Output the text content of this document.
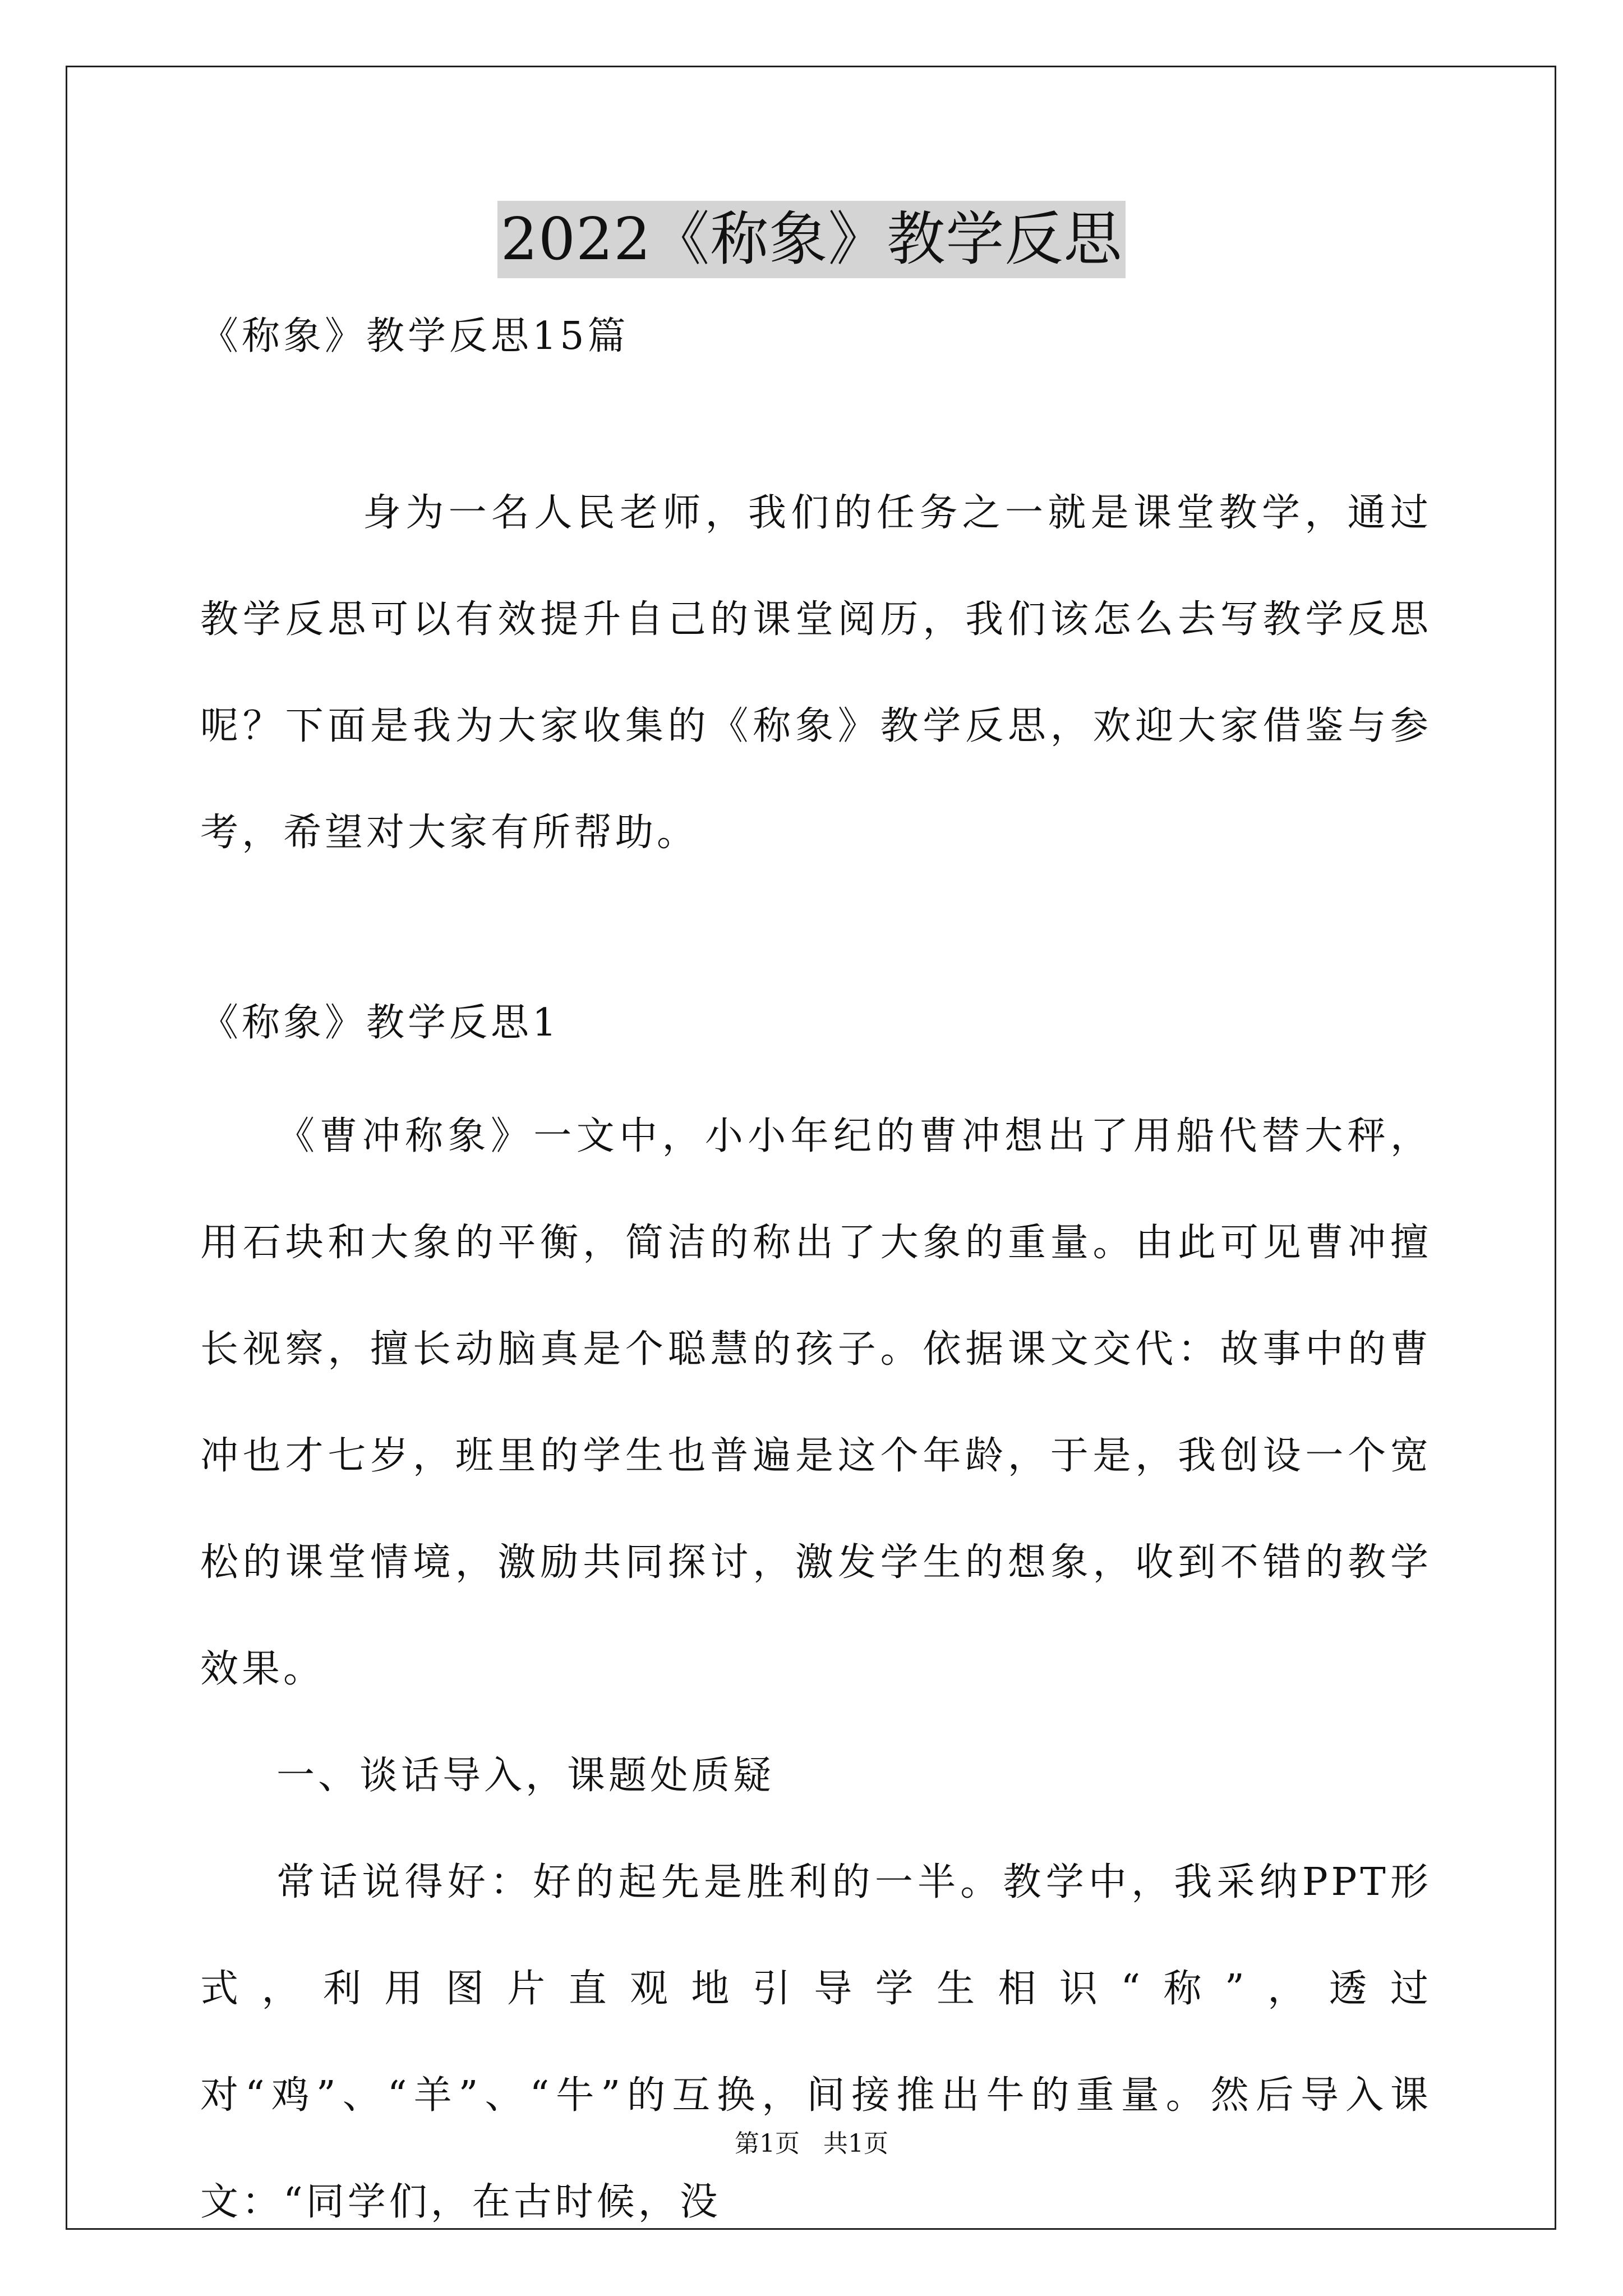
2022《称象》教学反思

《称象》教学反思15篇

身为一名人民老师，我们的任务之一就是课堂教学，通过教学反思可以有效提升自己的课堂阅历，我们该怎么去写教学反思呢？下面是我为大家收集的《称象》教学反思，欢迎大家借鉴与参考，希望对大家有所帮助。

《称象》教学反思1

《曹冲称象》一文中，小小年纪的曹冲想出了用船代替大秤，用石块和大象的平衡，简洁的称出了大象的重量。由此可见曹冲擅长视察，擅长动脑真是个聪慧的孩子。依据课文交代：故事中的曹冲也才七岁，班里的学生也普遍是这个年龄，于是，我创设一个宽松的课堂情境，激励共同探讨，激发学生的想象，收到不错的教学效果。

一、谈话导入，课题处质疑

常话说得好：好的起先是胜利的一半。教学中，我采纳PPT形式，利用图片直观地引导学生相识“称”，透过对“鸡”、“羊”、“牛”的互换，间接推出牛的重量。然后导入课文：“同学们，在古时候，没

第1页 共1页
